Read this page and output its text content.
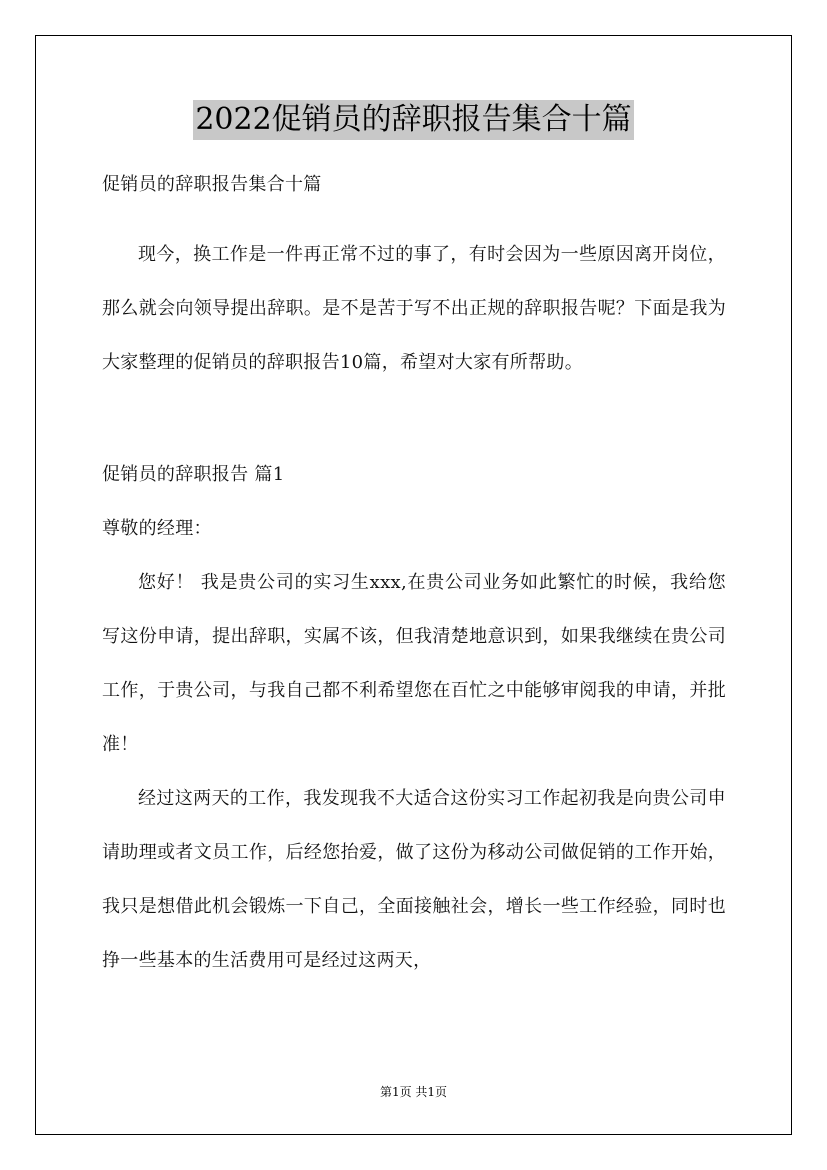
2022促销员的辞职报告集合十篇
促销员的辞职报告集合十篇
现今，换工作是一件再正常不过的事了，有时会因为一些原因离开岗位，那么就会向领导提出辞职。是不是苦于写不出正规的辞职报告呢？下面是我为大家整理的促销员的辞职报告10篇，希望对大家有所帮助。
促销员的辞职报告 篇1
尊敬的经理：
您好！ 我是贵公司的实习生xxx,在贵公司业务如此繁忙的时候，我给您写这份申请，提出辞职，实属不该，但我清楚地意识到，如果我继续在贵公司工作，于贵公司，与我自己都不利希望您在百忙之中能够审阅我的申请，并批准！
经过这两天的工作，我发现我不大适合这份实习工作起初我是向贵公司申请助理或者文员工作，后经您抬爱，做了这份为移动公司做促销的工作开始，我只是想借此机会锻炼一下自己，全面接触社会，增长一些工作经验，同时也挣一些基本的生活费用可是经过这两天，
第1页 共1页
